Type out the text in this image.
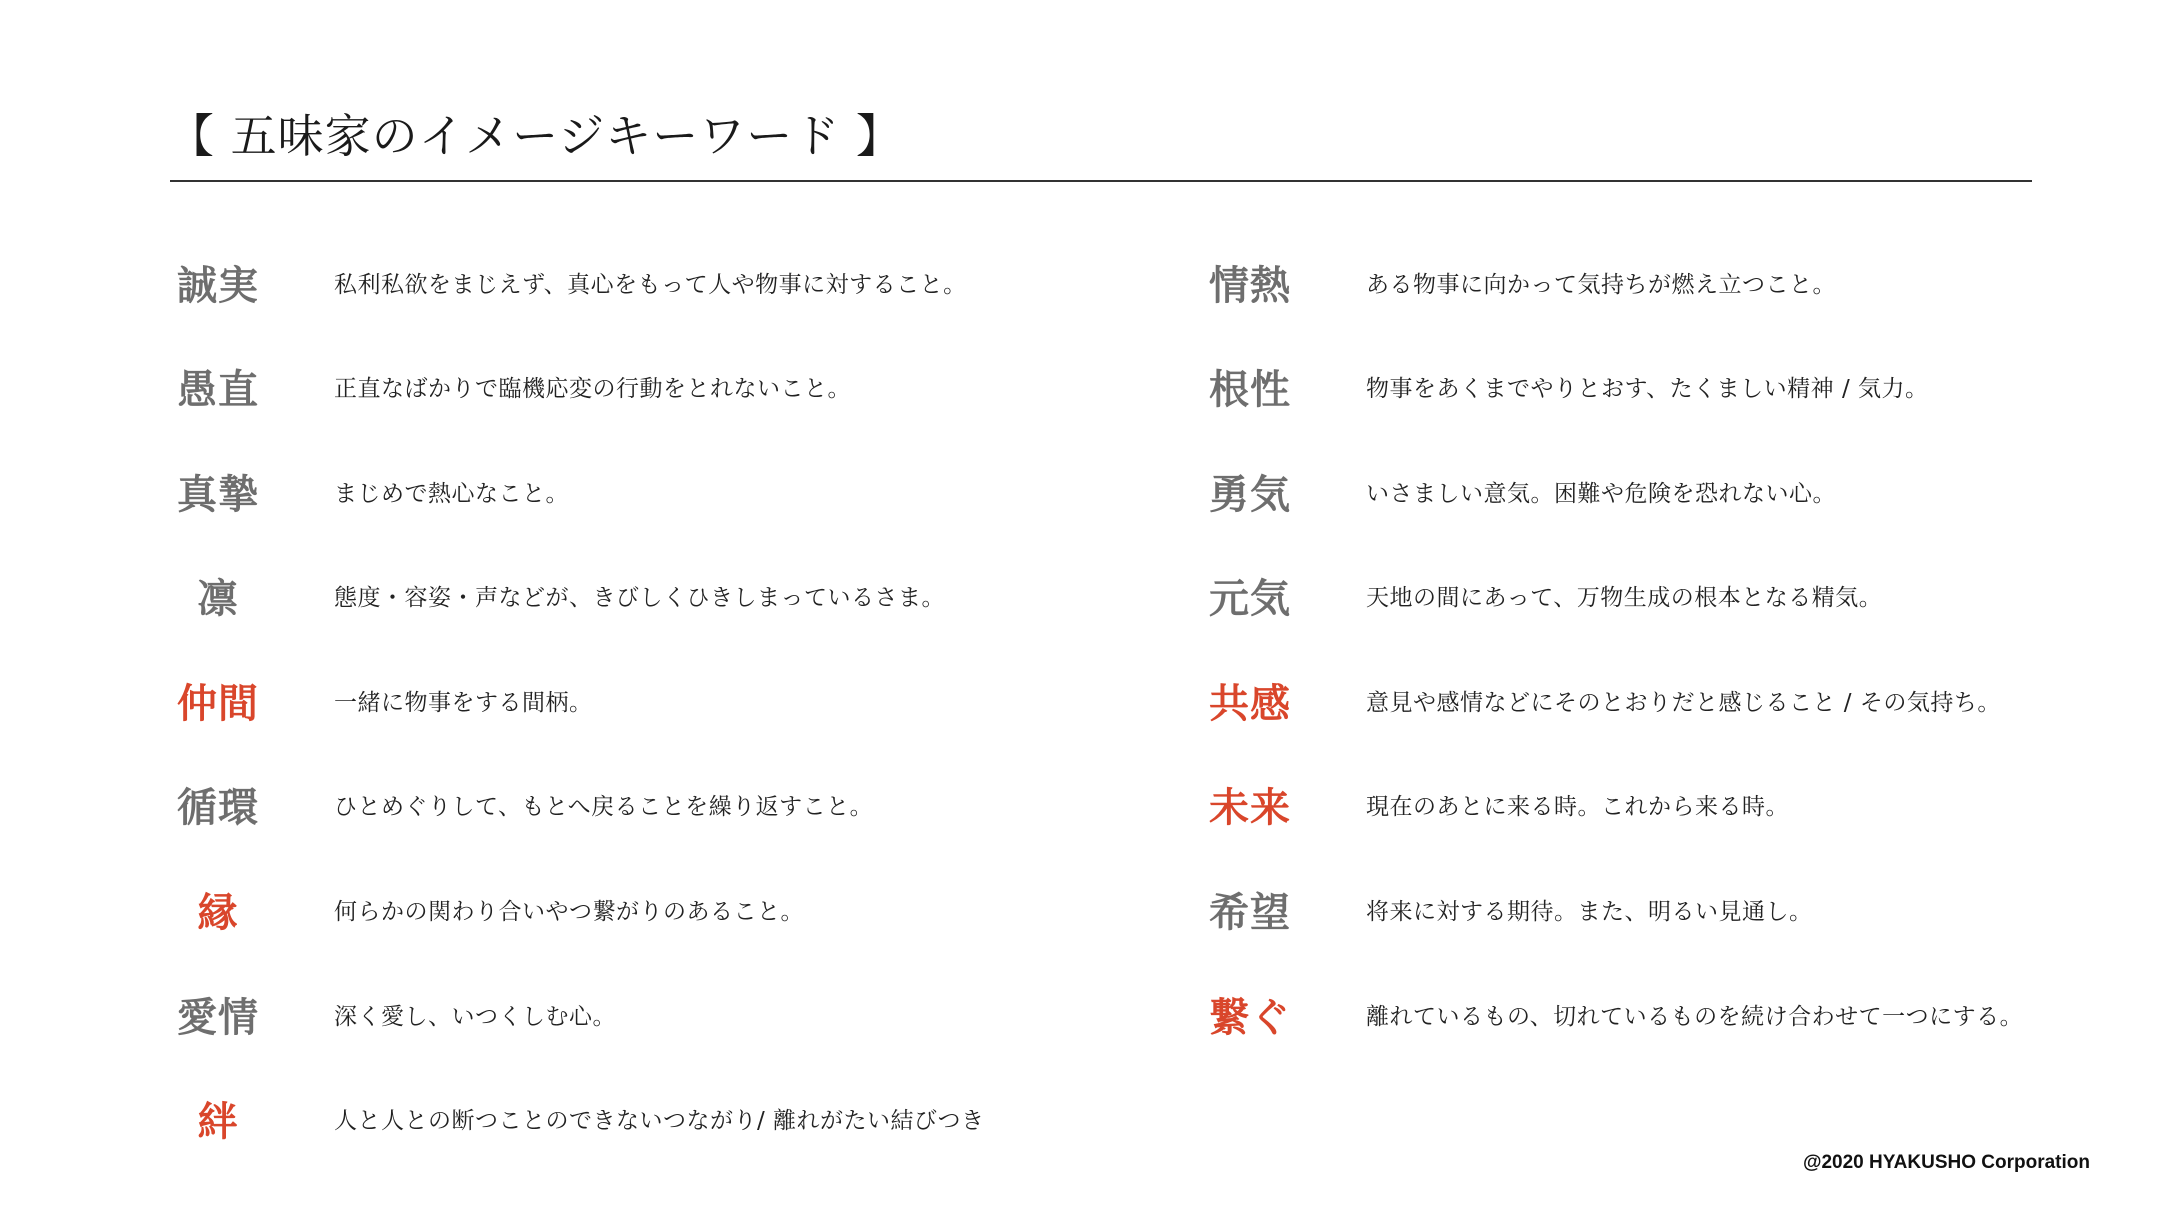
【 五味家のイメージキーワード 】
誠実	私利私欲をまじえず、真心をもって人や物事に対すること。
愚直	正直なばかりで臨機応変の行動をとれないこと。
真摯	まじめで熱心なこと。
凛	態度・容姿・声などが、きびしくひきしまっているさま。
仲間	一緒に物事をする間柄。
循環	ひとめぐりして、もとへ戻ることを繰り返すこと。
縁	何らかの関わり合いやつ繋がりのあること。
愛情	深く愛し、いつくしむ心。
絆	人と人との断つことのできないつながり/ 離れがたい結びつき
情熱	ある物事に向かって気持ちが燃え立つこと。
根性	物事をあくまでやりとおす、たくましい精神 / 気力。
勇気	いさましい意気。困難や危険を恐れない心。
元気	天地の間にあって、万物生成の根本となる精気。
共感	意見や感情などにそのとおりだと感じること / その気持ち。
未来	現在のあとに来る時。これから来る時。
希望	将来に対する期待。また、明るい見通し。
繋ぐ	離れているもの、切れているものを続け合わせて一つにする。
@2020 HYAKUSHO Corporation
